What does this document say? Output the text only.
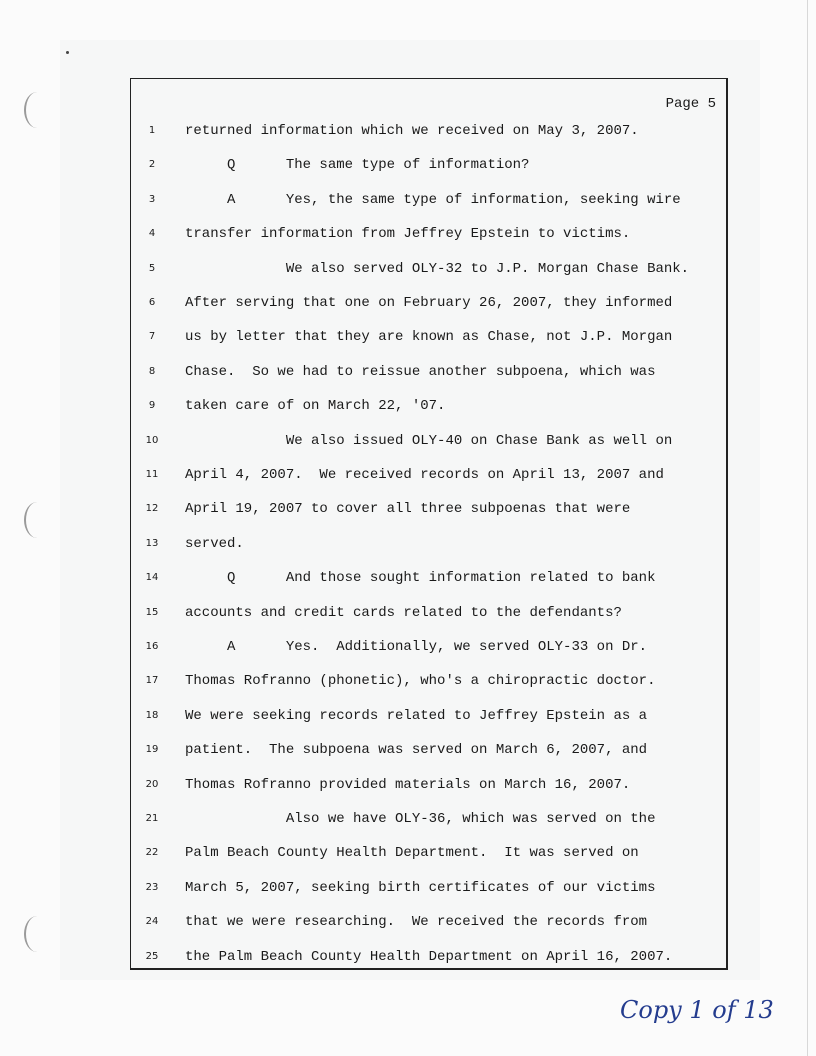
Page 5
1	returned information which we received on May 3, 2007.
2	Q      The same type of information?
3	A      Yes, the same type of information, seeking wire
4	transfer information from Jeffrey Epstein to victims.
5	We also served OLY-32 to J.P. Morgan Chase Bank.
6	After serving that one on February 26, 2007, they informed
7	us by letter that they are known as Chase, not J.P. Morgan
8	Chase.  So we had to reissue another subpoena, which was
9	taken care of on March 22, '07.
10	We also issued OLY-40 on Chase Bank as well on
11	April 4, 2007.  We received records on April 13, 2007 and
12	April 19, 2007 to cover all three subpoenas that were
13	served.
14	Q      And those sought information related to bank
15	accounts and credit cards related to the defendants?
16	A      Yes.  Additionally, we served OLY-33 on Dr.
17	Thomas Rofranno (phonetic), who's a chiropractic doctor.
18	We were seeking records related to Jeffrey Epstein as a
19	patient.  The subpoena was served on March 6, 2007, and
20	Thomas Rofranno provided materials on March 16, 2007.
21	Also we have OLY-36, which was served on the
22	Palm Beach County Health Department.  It was served on
23	March 5, 2007, seeking birth certificates of our victims
24	that we were researching.  We received the records from
25	the Palm Beach County Health Department on April 16, 2007.
Copy 1 of 13
